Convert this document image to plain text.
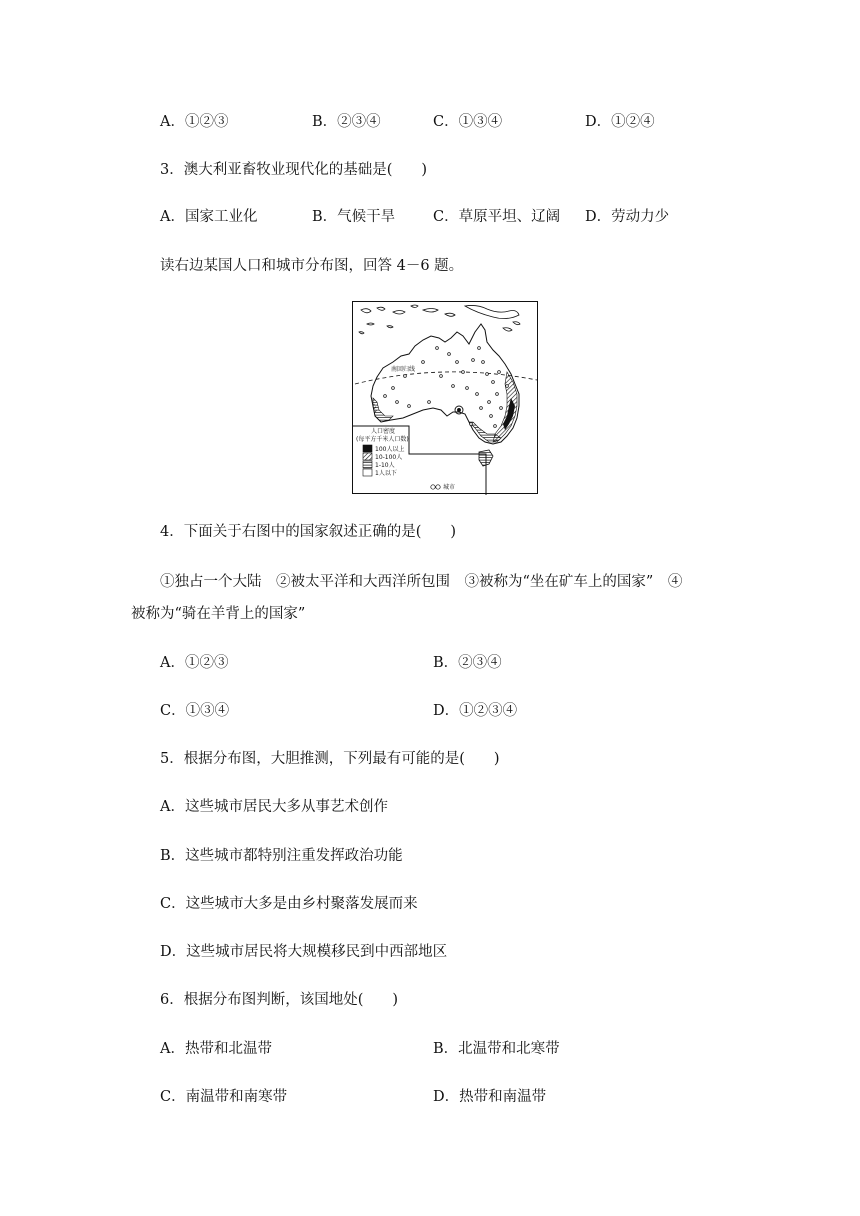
A．①②③	B．②③④	C．①③④	D．①②④
3．澳大利亚畜牧业现代化的基础是(　　)
A．国家工业化	B．气候干旱	C．草原平坦、辽阔 D．劳动力少
读右边某国人口和城市分布图，回答 4－6 题。
南回归线
人口密度
(每平方千米人口数)
100人以上
10-100人
1-10人
1人以下
城市
4．下面关于右图中的国家叙述正确的是(　　)
①独占一个大陆　②被太平洋和大西洋所包围　③被称为“坐在矿车上的国家”　④
被称为“骑在羊背上的国家”
A．①②③	B．②③④
C．①③④	D．①②③④
5．根据分布图，大胆推测，下列最有可能的是(　　)
A．这些城市居民大多从事艺术创作
B．这些城市都特别注重发挥政治功能
C．这些城市大多是由乡村聚落发展而来
D．这些城市居民将大规模移民到中西部地区
6．根据分布图判断，该国地处(　　)
A．热带和北温带	B．北温带和北寒带
C．南温带和南寒带	D．热带和南温带
